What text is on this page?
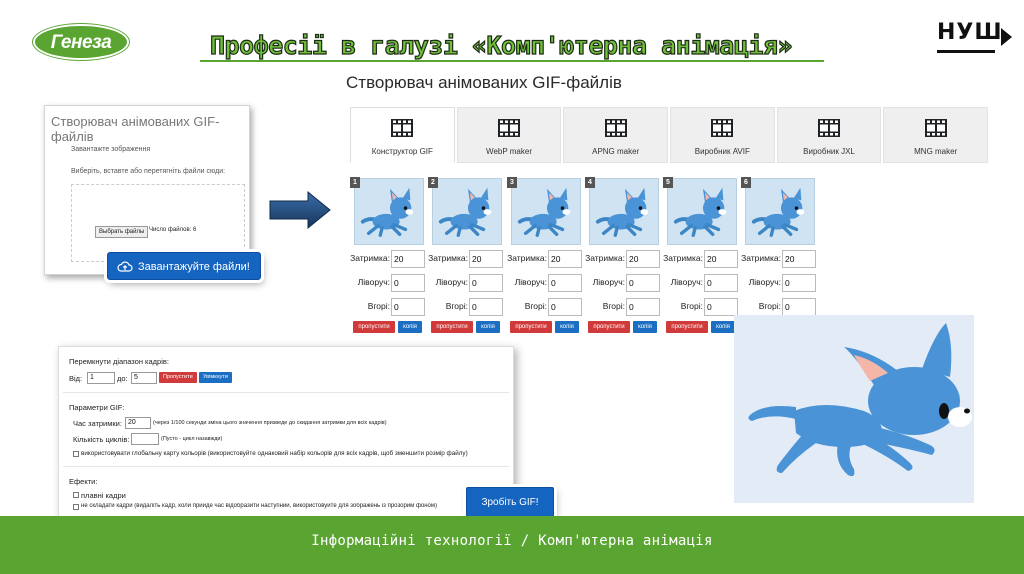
Генеза	Професії в галузі «Комп'ютерна анімація»	НУШ
Створювач анімованих GIF-файлів
Завантажте зображення
Виберіть, вставте або перетягніть файли сюди:
Выбрать файлы Число файлов: 6
Завантажуйте файли!
Створювач анімованих GIF-файлів
Конструктор GIF	WebP maker	APNG maker	Виробник AVIF	Виробник JXL	MNG maker
1
Затримка: 20
Ліворуч: 0
Вгорі: 0
пропустити	копія
2
Затримка: 20
Ліворуч: 0
Вгорі: 0
пропустити	копія
3
Затримка: 20
Ліворуч: 0
Вгорі: 0
пропустити	копія
4
Затримка: 20
Ліворуч: 0
Вгорі: 0
пропустити	копія
5
Затримка: 20
Ліворуч: 0
Вгорі: 0
пропустити	копія
6
Затримка: 20
Ліворуч: 0
Вгорі: 0
Перемкнути діапазон кадрів:
Від:	1	до: 5	Пропустити	Увімкнути
Параметри GIF:
Час затримки: 20	(через 1/100 секунди зміна цього значення призведе до скидання затримки для всіх кадрів)
Кількість циклів:	(Пусто - цикл назавжди)
використовувати глобальну карту кольорів (використовуйте однаковий набір кольорів для всіх кадрів, щоб зменшити розмір файлу)
Ефекти:
плавні кадри
не складати кадри (видаліть кадр, коли прийде час відобразити наступний, використовуйте для зображень із прозорим фоном)	Зробіть GIF!
Інформаційні технології / Комп'ютерна анімація
